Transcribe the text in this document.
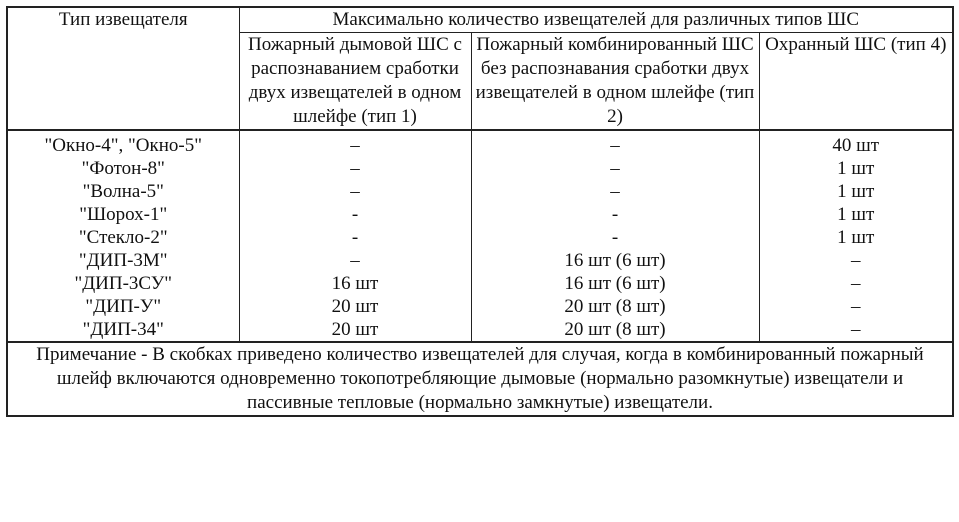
Тип извещателя	Максимально количество извещателей для различных типов ШС		
	Пожарный дымовой ШС с распознаванием сработки двух извещателей в одном шлейфе (тип 1)	Пожарный комбинированный ШС без распознавания сработки двух извещателей в одном шлейфе (тип 2)	Охранный ШС (тип 4)
"Окно-4", "Окно-5"	–	–	40 шт
"Фотон-8"	–	–	1 шт
"Волна-5"	–	–	1 шт
"Шорох-1"	-	-	1 шт
"Стекло-2"	-	-	1 шт
"ДИП-3М"	–	16 шт (6 шт)	–
"ДИП-3СУ"	16 шт	16 шт (6 шт)	–
"ДИП-У"	20 шт	20 шт (8 шт)	–
"ДИП-34"	20 шт	20 шт (8 шт)	–
Примечание - В скобках приведено количество извещателей для случая, когда в комбинированный пожарный шлейф включаются одновременно токопотребляющие дымовые (нормально разомкнутые) извещатели и пассивные тепловые (нормально замкнутые) извещатели.			
